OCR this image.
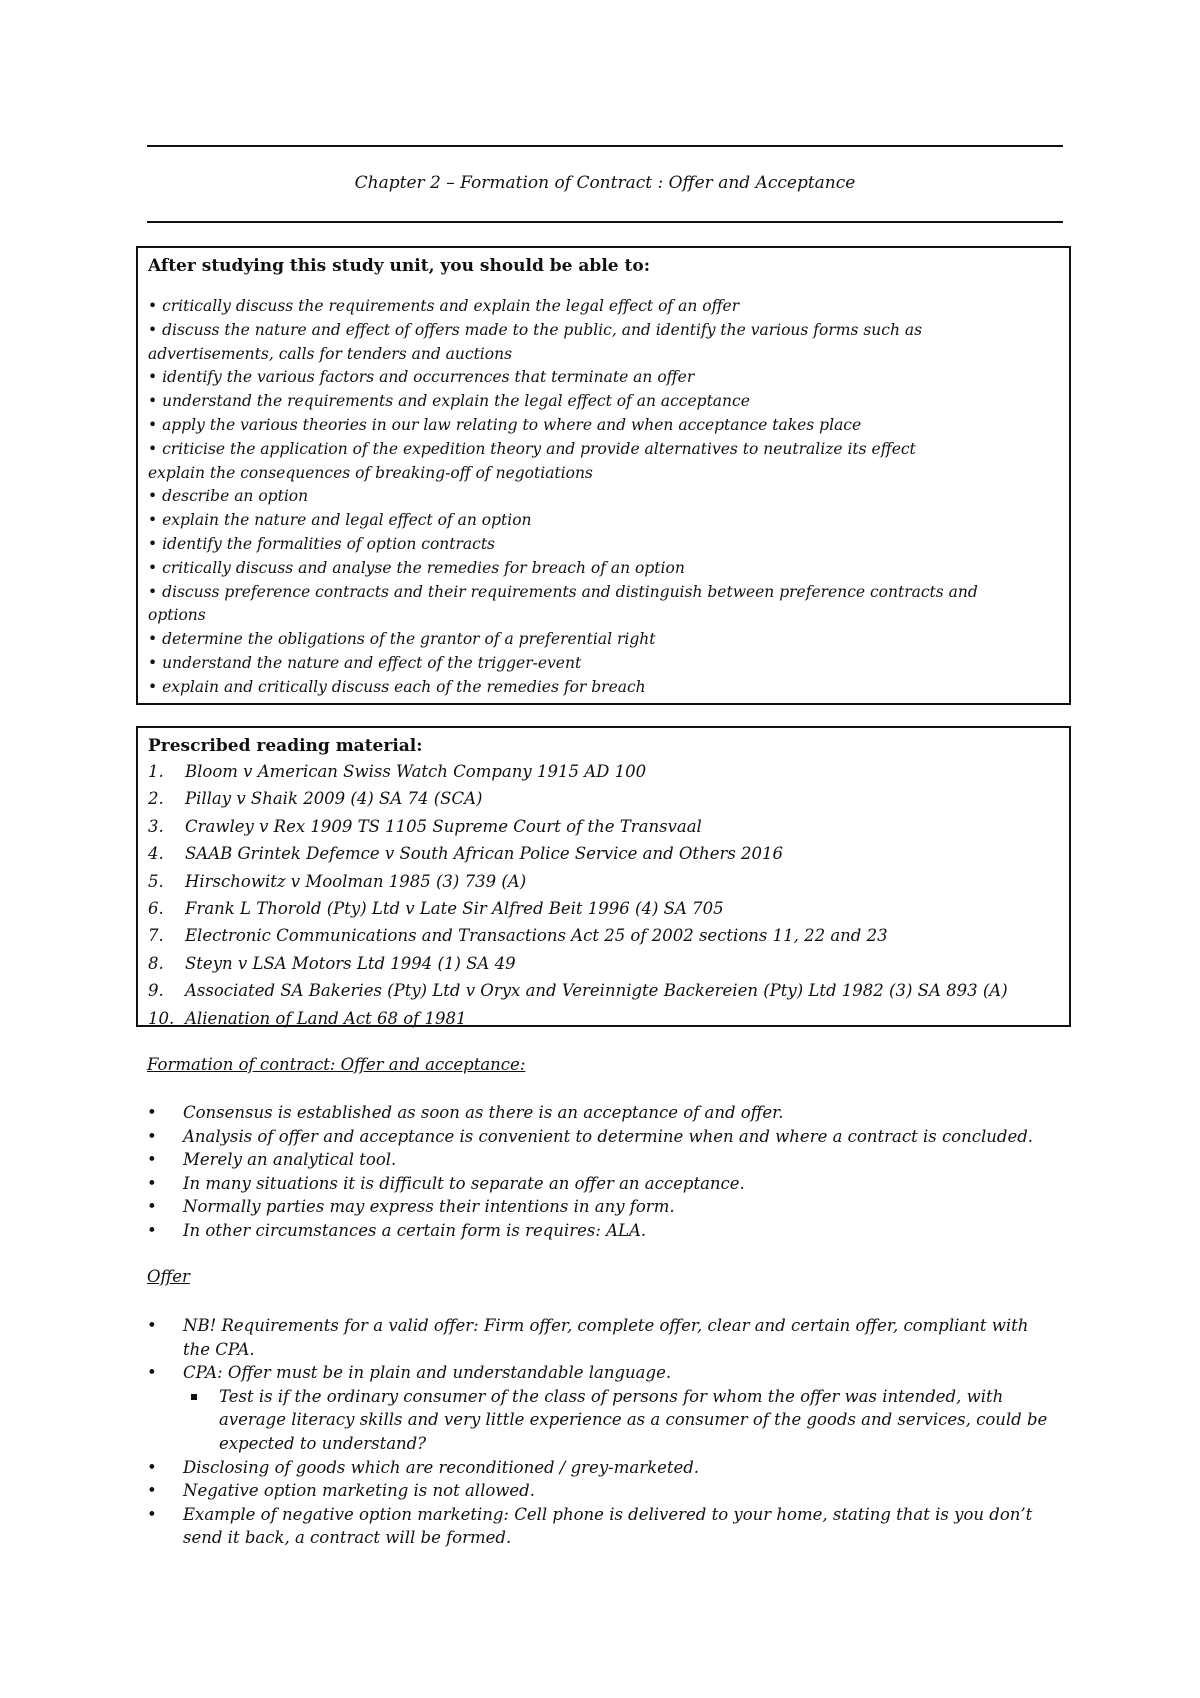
Chapter 2 – Formation of Contract : Offer and Acceptance

After studying this study unit, you should be able to:

• critically discuss the requirements and explain the legal effect of an offer
• discuss the nature and effect of offers made to the public, and identify the various forms such as
advertisements, calls for tenders and auctions
• identify the various factors and occurrences that terminate an offer
• understand the requirements and explain the legal effect of an acceptance
• apply the various theories in our law relating to where and when acceptance takes place
• criticise the application of the expedition theory and provide alternatives to neutralize its effect
explain the consequences of breaking-off of negotiations
• describe an option
• explain the nature and legal effect of an option
• identify the formalities of option contracts
• critically discuss and analyse the remedies for breach of an option
• discuss preference contracts and their requirements and distinguish between preference contracts and
options
• determine the obligations of the grantor of a preferential right
• understand the nature and effect of the trigger-event
• explain and critically discuss each of the remedies for breach

Prescribed reading material:

1.	Bloom v American Swiss Watch Company 1915 AD 100
2.	Pillay v Shaik 2009 (4) SA 74 (SCA)
3.	Crawley v Rex 1909 TS 1105 Supreme Court of the Transvaal
4.	SAAB Grintek Defemce v South African Police Service and Others 2016
5.	Hirschowitz v Moolman 1985 (3) 739 (A)
6.	Frank L Thorold (Pty) Ltd v Late Sir Alfred Beit 1996 (4) SA 705
7.	Electronic Communications and Transactions Act 25 of 2002 sections 11, 22 and 23
8.	Steyn v LSA Motors Ltd 1994 (1) SA 49
9.	Associated SA Bakeries (Pty) Ltd v Oryx and Vereinnigte Backereien (Pty) Ltd 1982 (3) SA 893 (A)
10. Alienation of Land Act 68 of 1981
Formation of contract: Offer and acceptance:
•	Consensus is established as soon as there is an acceptance of and offer.
•	Analysis of offer and acceptance is convenient to determine when and where a contract is concluded.
•	Merely an analytical tool.
•	In many situations it is difficult to separate an offer an acceptance.
•	Normally parties may express their intentions in any form.
•	In other circumstances a certain form is requires: ALA.
Offer
•	NB! Requirements for a valid offer: Firm offer, complete offer, clear and certain offer, compliant with the CPA.
•	CPA: Offer must be in plain and understandable language.
Test is if the ordinary consumer of the class of persons for whom the offer was intended, with average literacy skills and very little experience as a consumer of the goods and services, could be expected to understand?
•	Disclosing of goods which are reconditioned / grey-marketed.
•	Negative option marketing is not allowed.
•	Example of negative option marketing: Cell phone is delivered to your home, stating that is you don’t send it back, a contract will be formed.
